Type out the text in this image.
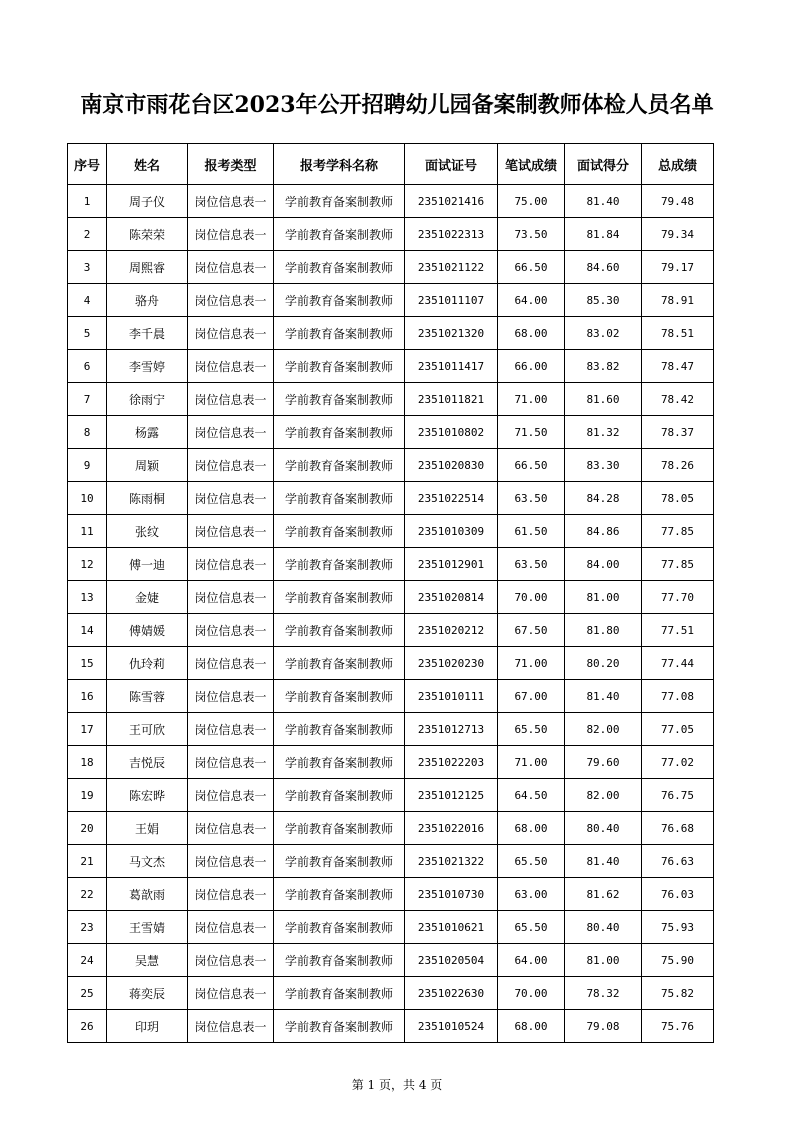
南京市雨花台区2023年公开招聘幼儿园备案制教师体检人员名单
序号	姓名	报考类型	报考学科名称	面试证号	笔试成绩	面试得分	总成绩
1	周子仪	岗位信息表一	学前教育备案制教师	2351021416	75.00	81.40	79.48
2	陈荣荣	岗位信息表一	学前教育备案制教师	2351022313	73.50	81.84	79.34
3	周熙睿	岗位信息表一	学前教育备案制教师	2351021122	66.50	84.60	79.17
4	骆舟	岗位信息表一	学前教育备案制教师	2351011107	64.00	85.30	78.91
5	李千晨	岗位信息表一	学前教育备案制教师	2351021320	68.00	83.02	78.51
6	李雪婷	岗位信息表一	学前教育备案制教师	2351011417	66.00	83.82	78.47
7	徐雨宁	岗位信息表一	学前教育备案制教师	2351011821	71.00	81.60	78.42
8	杨露	岗位信息表一	学前教育备案制教师	2351010802	71.50	81.32	78.37
9	周颖	岗位信息表一	学前教育备案制教师	2351020830	66.50	83.30	78.26
10	陈雨桐	岗位信息表一	学前教育备案制教师	2351022514	63.50	84.28	78.05
11	张纹	岗位信息表一	学前教育备案制教师	2351010309	61.50	84.86	77.85
12	傅一迪	岗位信息表一	学前教育备案制教师	2351012901	63.50	84.00	77.85
13	金婕	岗位信息表一	学前教育备案制教师	2351020814	70.00	81.00	77.70
14	傅婧媛	岗位信息表一	学前教育备案制教师	2351020212	67.50	81.80	77.51
15	仇玲莉	岗位信息表一	学前教育备案制教师	2351020230	71.00	80.20	77.44
16	陈雪蓉	岗位信息表一	学前教育备案制教师	2351010111	67.00	81.40	77.08
17	王可欣	岗位信息表一	学前教育备案制教师	2351012713	65.50	82.00	77.05
18	吉悦辰	岗位信息表一	学前教育备案制教师	2351022203	71.00	79.60	77.02
19	陈宏晔	岗位信息表一	学前教育备案制教师	2351012125	64.50	82.00	76.75
20	王娟	岗位信息表一	学前教育备案制教师	2351022016	68.00	80.40	76.68
21	马文杰	岗位信息表一	学前教育备案制教师	2351021322	65.50	81.40	76.63
22	葛歆雨	岗位信息表一	学前教育备案制教师	2351010730	63.00	81.62	76.03
23	王雪婧	岗位信息表一	学前教育备案制教师	2351010621	65.50	80.40	75.93
24	吴慧	岗位信息表一	学前教育备案制教师	2351020504	64.00	81.00	75.90
25	蒋奕辰	岗位信息表一	学前教育备案制教师	2351022630	70.00	78.32	75.82
26	印玥	岗位信息表一	学前教育备案制教师	2351010524	68.00	79.08	75.76
第 1 页，共 4 页
